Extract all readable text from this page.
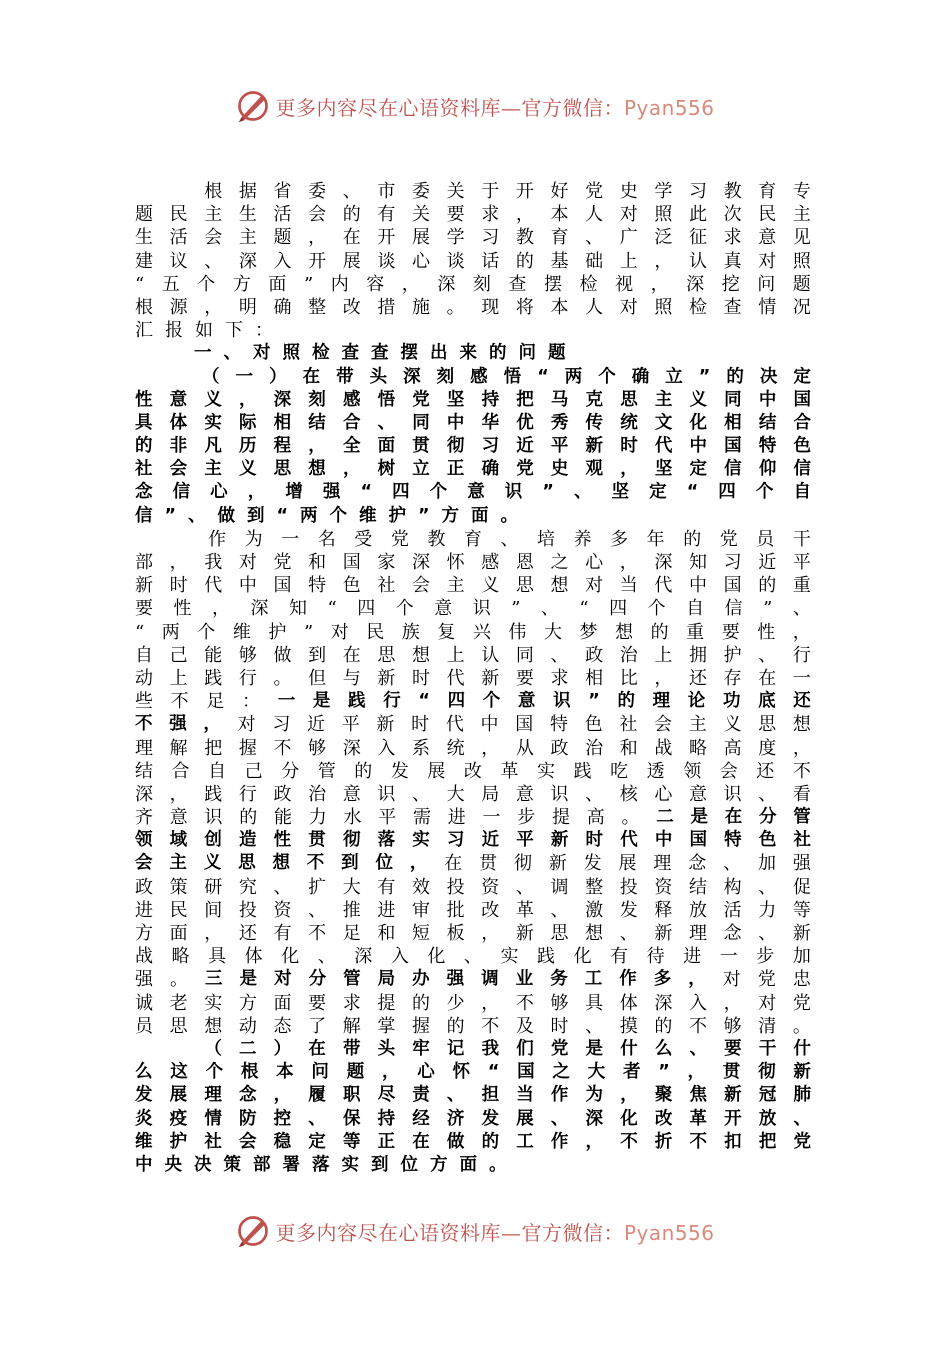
更多内容尽在心语资料库—官方微信：Pyan556

根 据 省 委 、 市 委 关 于 开 好 党 史 学 习 教 育 专
题 民 主 生 活 会 的 有 关 要 求 ， 本 人 对 照 此 次 民 主
生 活 会 主 题 ， 在 开 展 学 习 教 育 、 广 泛 征 求 意 见
建 议 、 深 入 开 展 谈 心 谈 话 的 基 础 上 ， 认 真 对 照
“ 五 个 方 面 ” 内 容 ， 深 刻 查 摆 检 视 ， 深 挖 问 题
根 源 ， 明 确 整 改 措 施 。 现 将 本 人 对 照 检 查 情 况
汇 报 如 下 ：

一 、 对 照 检 查 查 摆 出 来 的 问 题

（ 一 ） 在 带 头 深 刻 感 悟 “ 两 个 确 立 ” 的 决 定
性 意 义 ， 深 刻 感 悟 党 坚 持 把 马 克 思 主 义 同 中 国
具 体 实 际 相 结 合 、 同 中 华 优 秀 传 统 文 化 相 结 合
的 非 凡 历 程 ， 全 面 贯 彻 习 近 平 新 时 代 中 国 特 色
社 会 主 义 思 想 ， 树 立 正 确 党 史 观 ， 坚 定 信 仰 信
念 信 心 ， 增 强 “ 四 个 意 识 ” 、 坚 定 “ 四 个 自
信 ” 、 做 到 “ 两 个 维 护 ” 方 面 。

作 为 一 名 受 党 教 育 、 培 养 多 年 的 党 员 干
部 ， 我 对 党 和 国 家 深 怀 感 恩 之 心 ， 深 知 习 近 平
新 时 代 中 国 特 色 社 会 主 义 思 想 对 当 代 中 国 的 重
要 性 ， 深 知 “ 四 个 意 识 ” 、 “ 四 个 自 信 ” 、
“ 两 个 维 护 ” 对 民 族 复 兴 伟 大 梦 想 的 重 要 性 ，
自 己 能 够 做 到 在 思 想 上 认 同 、 政 治 上 拥 护 、 行
动 上 践 行 。 但 与 新 时 代 新 要 求 相 比 ， 还 存 在 一
些 不 足 ： 一 是 践 行 “ 四 个 意 识 ” 的 理 论 功 底 还
不 强 ， 对 习 近 平 新 时 代 中 国 特 色 社 会 主 义 思 想
理 解 把 握 不 够 深 入 系 统 ， 从 政 治 和 战 略 高 度 ，
结 合 自 己 分 管 的 发 展 改 革 实 践 吃 透 领 会 还 不
深 ， 践 行 政 治 意 识 、 大 局 意 识 、 核 心 意 识 、 看
齐 意 识 的 能 力 水 平 需 进 一 步 提 高 。 二 是 在 分 管
领 域 创 造 性 贯 彻 落 实 习 近 平 新 时 代 中 国 特 色 社
会 主 义 思 想 不 到 位 ， 在 贯 彻 新 发 展 理 念 、 加 强
政 策 研 究 、 扩 大 有 效 投 资 、 调 整 投 资 结 构 、 促
进 民 间 投 资 、 推 进 审 批 改 革 、 激 发 释 放 活 力 等
方 面 ， 还 有 不 足 和 短 板 ， 新 思 想 、 新 理 念 、 新
战 略 具 体 化 、 深 入 化 、 实 践 化 有 待 进 一 步 加
强 。 三 是 对 分 管 局 办 强 调 业 务 工 作 多 ， 对 党 忠
诚 老 实 方 面 要 求 提 的 少 ， 不 够 具 体 深 入 ， 对 党
员 思 想 动 态 了 解 掌 握 的 不 及 时 、 摸 的 不 够 清 。

（ 二 ） 在 带 头 牢 记 我 们 党 是 什 么 、 要 干 什
么 这 个 根 本 问 题 ， 心 怀 “ 国 之 大 者 ” ， 贯 彻 新
发 展 理 念 ， 履 职 尽 责 、 担 当 作 为 ， 聚 焦 新 冠 肺
炎 疫 情 防 控 、 保 持 经 济 发 展 、 深 化 改 革 开 放 、
维 护 社 会 稳 定 等 正 在 做 的 工 作 ， 不 折 不 扣 把 党
中 央 决 策 部 署 落 实 到 位 方 面 。
更多内容尽在心语资料库—官方微信：Pyan556
